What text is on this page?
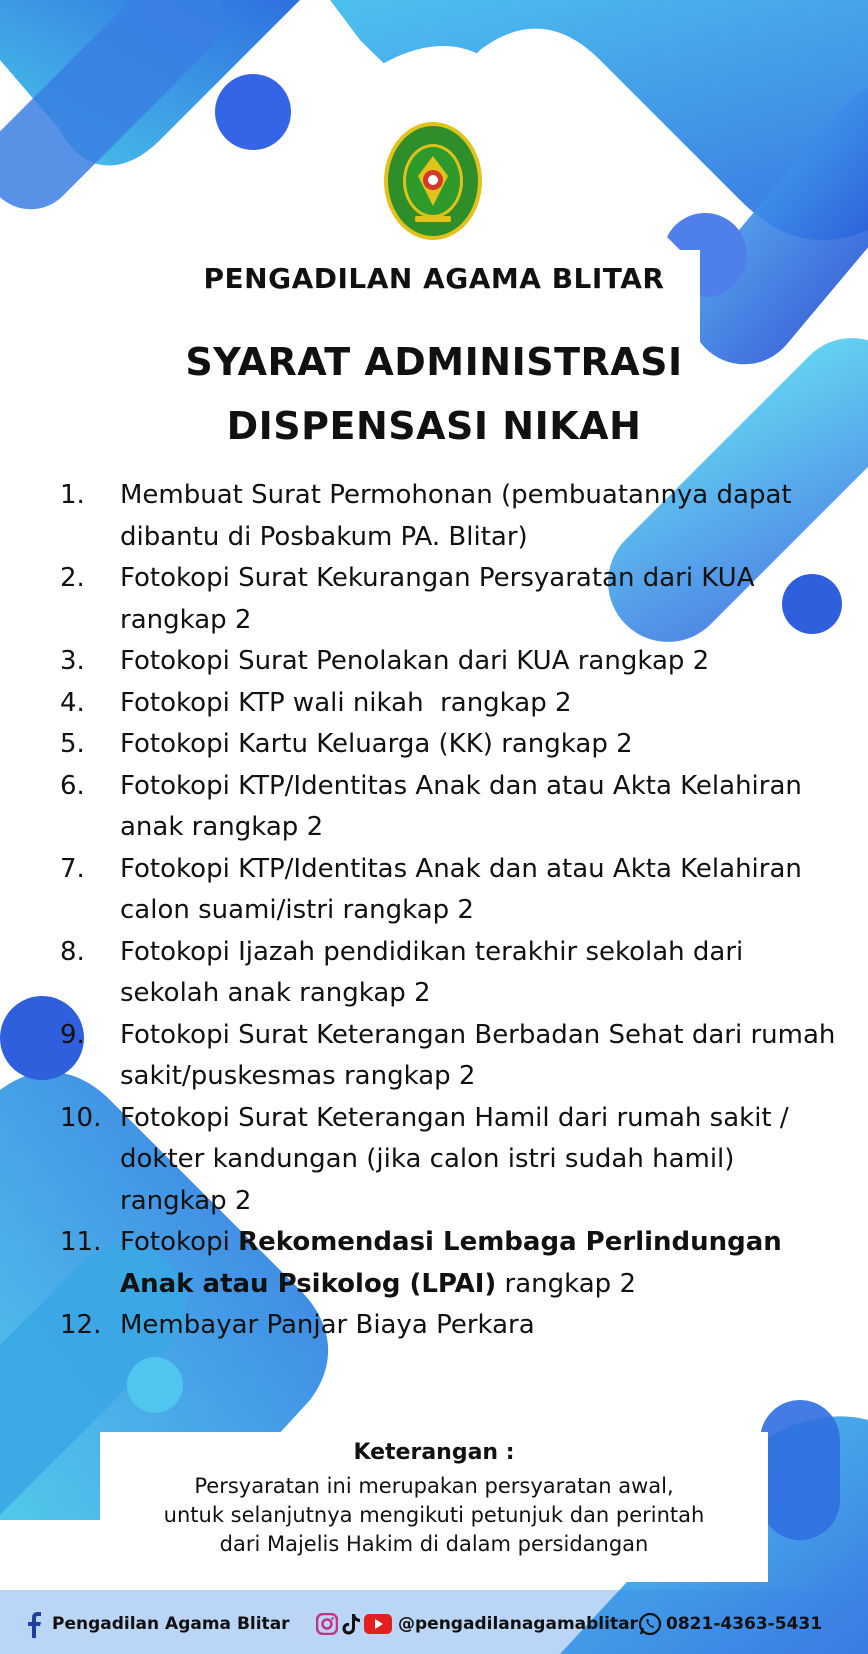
PENGADILAN AGAMA BLITAR
SYARAT ADMINISTRASI
DISPENSASI NIKAH
1.	Membuat Surat Permohonan (pembuatannya dapat dibantu di Posbakum PA. Blitar)
2.	Fotokopi Surat Kekurangan Persyaratan dari KUA rangkap 2
3.	Fotokopi Surat Penolakan dari KUA rangkap 2
4.	Fotokopi KTP wali nikah  rangkap 2
5.	Fotokopi Kartu Keluarga (KK) rangkap 2
6.	Fotokopi KTP/Identitas Anak dan atau Akta Kelahiran anak rangkap 2
7.	Fotokopi KTP/Identitas Anak dan atau Akta Kelahiran calon suami/istri rangkap 2
8.	Fotokopi Ijazah pendidikan terakhir sekolah dari sekolah anak rangkap 2
9.	Fotokopi Surat Keterangan Berbadan Sehat dari rumah sakit/puskesmas rangkap 2
10. Fotokopi Surat Keterangan Hamil dari rumah sakit / dokter kandungan (jika calon istri sudah hamil) rangkap 2
11. Fotokopi Rekomendasi Lembaga Perlindungan Anak atau Psikolog (LPAI) rangkap 2
12. Membayar Panjar Biaya Perkara
Keterangan :
Persyaratan ini merupakan persyaratan awal,
untuk selanjutnya mengikuti petunjuk dan perintah
dari Majelis Hakim di dalam persidangan
Pengadilan Agama Blitar	@pengadilanagamablitar 0821-4363-5431
